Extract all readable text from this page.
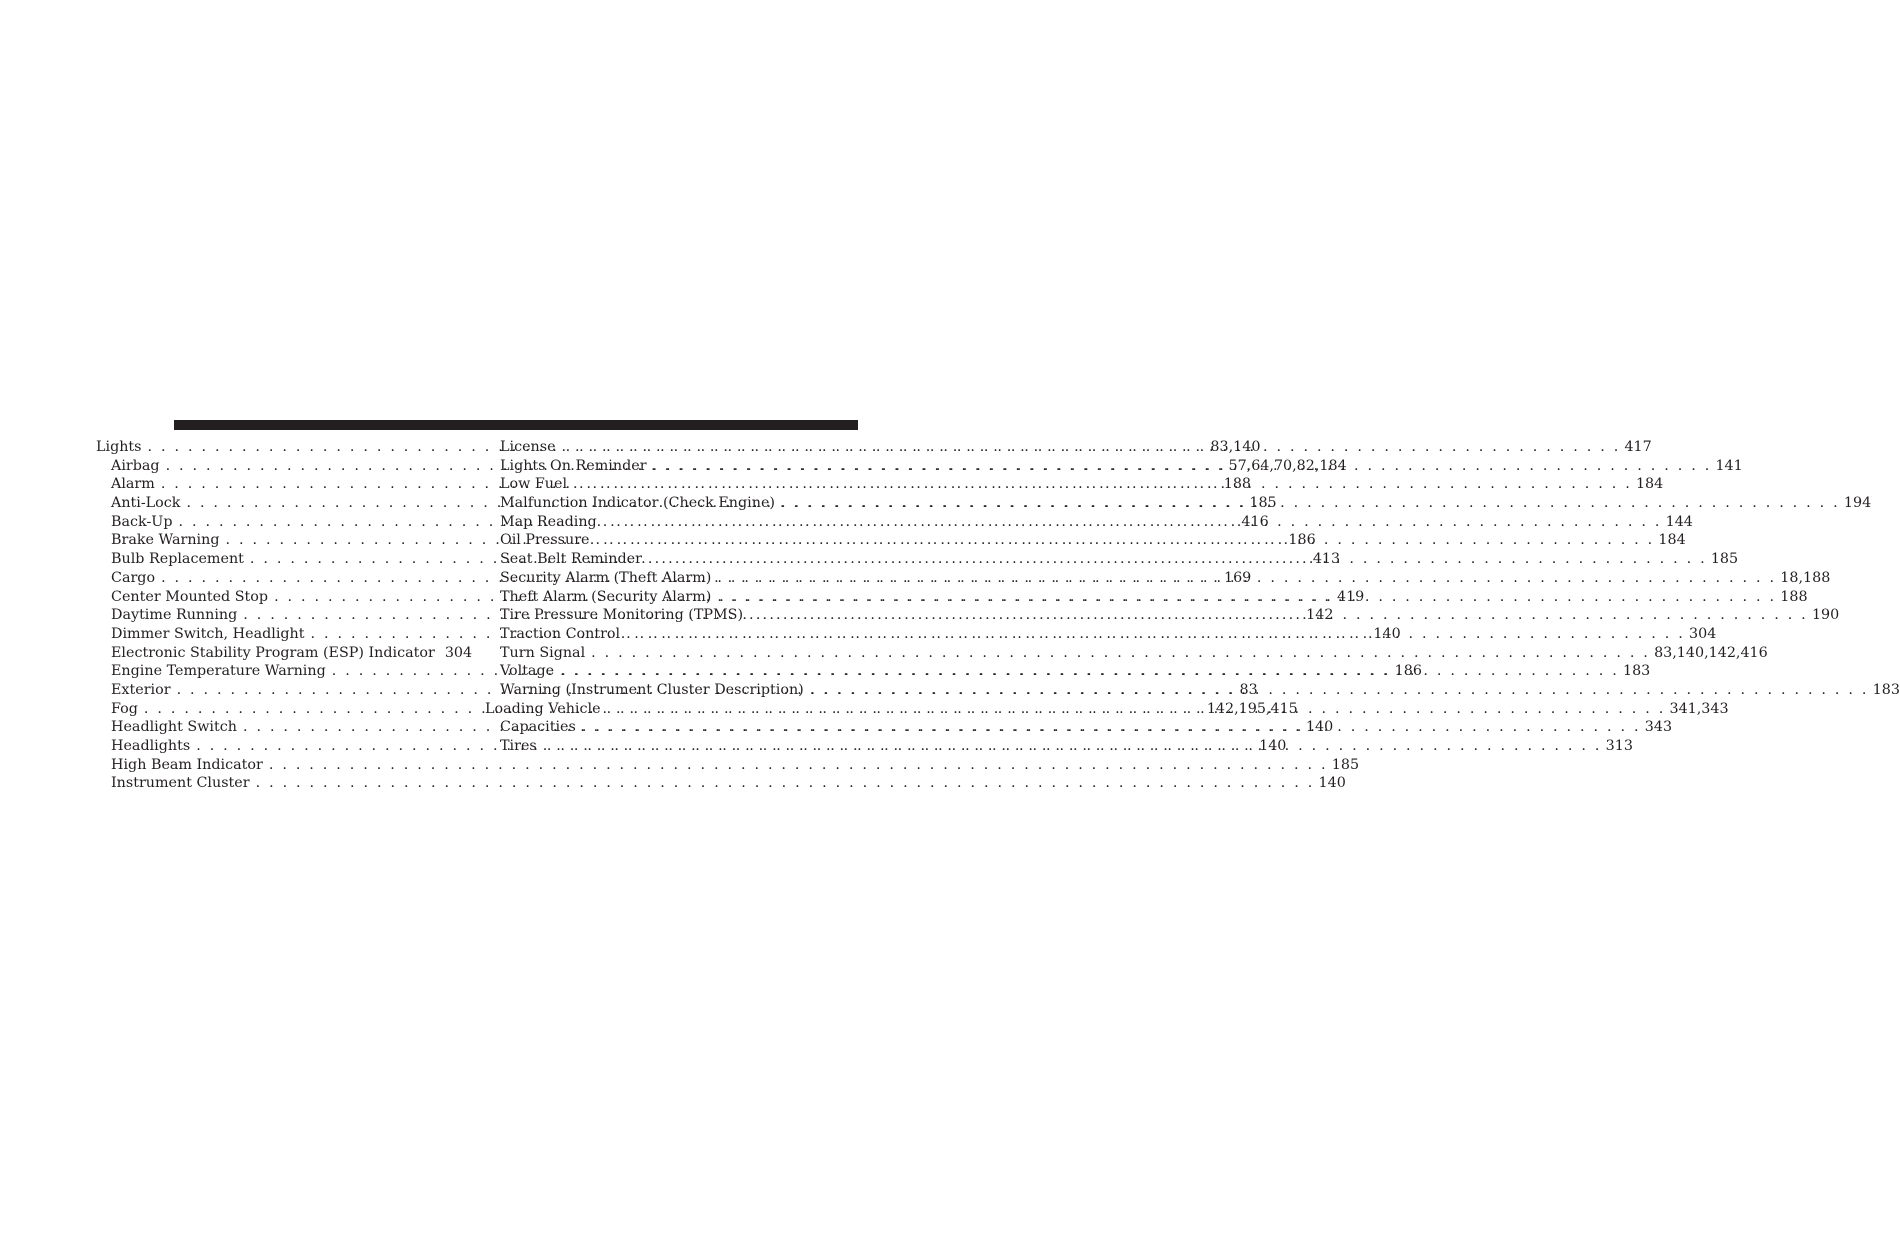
Lights . . .	83,140
Airbag . . .	57,64,70,82,184
Alarm . . .	188
Anti-Lock . . .	185
Back-Up . . .	416
Brake Warning . . .	186
Bulb Replacement . . .	413
Cargo . . .	169
Center Mounted Stop . . .	419
Daytime Running . . .	142
Dimmer Switch, Headlight . . .	140
Electronic Stability Program (ESP) Indicator 304
Engine Temperature Warning . . .	186
Exterior . . .	83
Fog . . .	142,195,415
Headlight Switch . . .	140
Headlights . . .	140
High Beam Indicator . . .	185
Instrument Cluster . . .	140
License . . .	417
Lights On Reminder . . .	141
Low Fuel . . .	184
Malfunction Indicator (Check Engine) . . .	194
Map Reading . . .	144
Oil Pressure . . .	184
Seat Belt Reminder . . .	185
Security Alarm (Theft Alarm) . . .	18,188
Theft Alarm (Security Alarm) . . .	188
Tire Pressure Monitoring (TPMS) . . .	190
Traction Control . . .	304
Turn Signal . . .	83,140,142,416
Voltage . . .	183
Warning (Instrument Cluster Description) . . .	183
Loading Vehicle . . .	341,343
Capacities . . .	343
Tires . . .	313
